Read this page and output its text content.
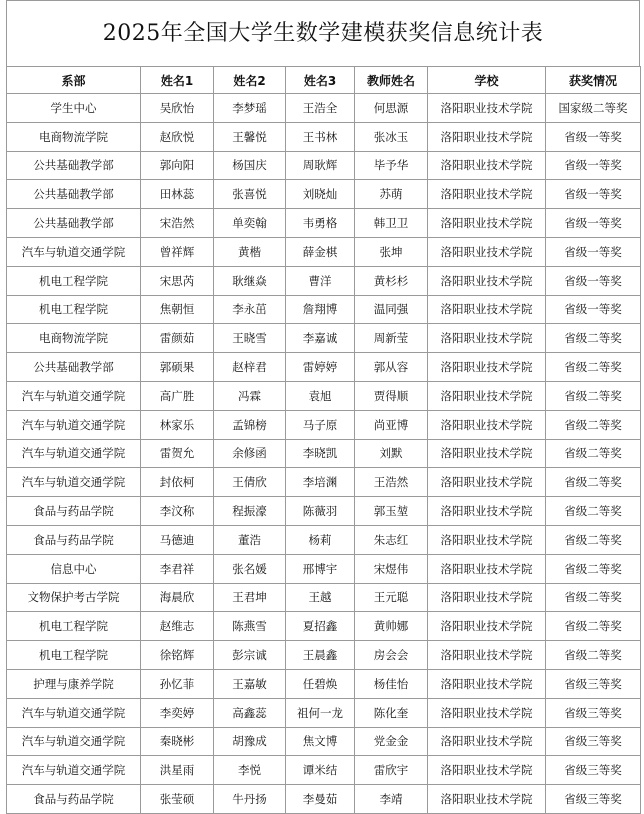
2025年全国大学生数学建模获奖信息统计表
系部	姓名1	姓名2	姓名3	教师姓名	学校	获奖情况
学生中心	吴欣怡	李梦瑶	王浩全	何思源	洛阳职业技术学院	国家级二等奖
电商物流学院	赵欣悦	王馨悦	王书林	张冰玉	洛阳职业技术学院	省级一等奖
公共基础教学部	郭向阳	杨国庆	周耿辉	毕予华	洛阳职业技术学院	省级一等奖
公共基础教学部	田林蕊	张喜悦	刘晓灿	苏萌	洛阳职业技术学院	省级一等奖
公共基础教学部	宋浩然	单奕翰	韦勇格	韩卫卫	洛阳职业技术学院	省级一等奖
汽车与轨道交通学院	曾祥辉	黄楷	薛金棋	张坤	洛阳职业技术学院	省级一等奖
机电工程学院	宋思芮	耿继焱	曹洋	黄杉杉	洛阳职业技术学院	省级一等奖
机电工程学院	焦朝恒	李永茁	詹翔博	温同强	洛阳职业技术学院	省级一等奖
电商物流学院	雷颜茹	王晓雪	李嘉诚	周新莹	洛阳职业技术学院	省级二等奖
公共基础教学部	郭硕果	赵梓君	雷婷婷	郭从容	洛阳职业技术学院	省级二等奖
汽车与轨道交通学院	高广胜	冯霖	袁旭	贾得顺	洛阳职业技术学院	省级二等奖
汽车与轨道交通学院	林家乐	孟锦榜	马子原	尚亚博	洛阳职业技术学院	省级二等奖
汽车与轨道交通学院	雷贺允	余修函	李晓凯	刘默	洛阳职业技术学院	省级二等奖
汽车与轨道交通学院	封依柯	王倩欣	李培渊	王浩然	洛阳职业技术学院	省级二等奖
食品与药品学院	李汶称	程振濠	陈薇羽	郭玉堃	洛阳职业技术学院	省级二等奖
食品与药品学院	马德迪	董浩	杨莉	朱志红	洛阳职业技术学院	省级二等奖
信息中心	李君祥	张名媛	邢博宇	宋煜伟	洛阳职业技术学院	省级二等奖
文物保护考古学院	海晨欣	王君坤	王越	王元聪	洛阳职业技术学院	省级二等奖
机电工程学院	赵维志	陈燕雪	夏招鑫	黄帅娜	洛阳职业技术学院	省级二等奖
机电工程学院	徐铭辉	彭宗诚	王晨鑫	房会会	洛阳职业技术学院	省级二等奖
护理与康养学院	孙忆菲	王嘉敏	任碧焕	杨佳怡	洛阳职业技术学院	省级三等奖
汽车与轨道交通学院	李奕婷	高鑫蕊	祖何一龙	陈化奎	洛阳职业技术学院	省级三等奖
汽车与轨道交通学院	秦晓彬	胡豫成	焦文博	党金金	洛阳职业技术学院	省级三等奖
汽车与轨道交通学院	洪星雨	李悦	谭米结	雷欣宇	洛阳职业技术学院	省级三等奖
食品与药品学院	张莹硕	牛丹扬	李曼茹	李靖	洛阳职业技术学院	省级三等奖
